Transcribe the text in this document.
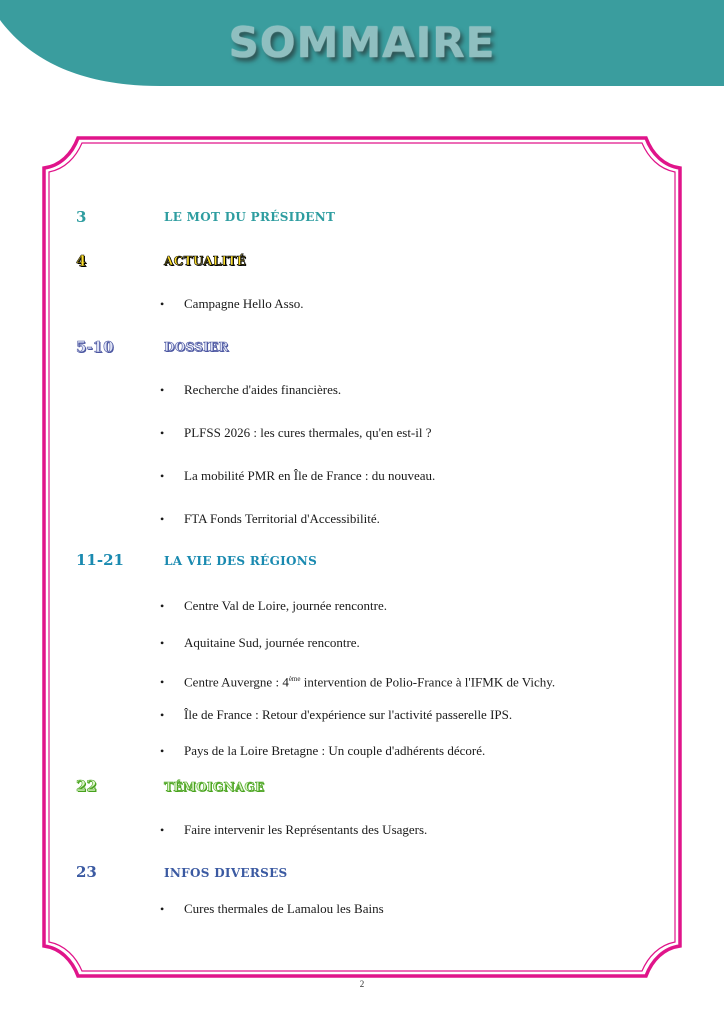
SOMMAIRE
3	LE MOT DU PRÉSIDENT
4	ACTUALITÉ
• Campagne Hello Asso.
5-10	DOSSIER
• Recherche d'aides financières.
• PLFSS 2026 : les cures thermales, qu'en est-il ?
• La mobilité PMR en Île de France : du nouveau.
• FTA Fonds Territorial d'Accessibilité.
11-21	LA VIE DES RÉGIONS
• Centre Val de Loire, journée rencontre.
• Aquitaine Sud, journée rencontre.
• Centre Auvergne : 4ème intervention de Polio-France à l'IFMK de Vichy.
• Île de France : Retour d'expérience sur l'activité passerelle IPS.
• Pays de la Loire Bretagne : Un couple d'adhérents décoré.
22	TÉMOIGNAGE
• Faire intervenir les Représentants des Usagers.
23	INFOS DIVERSES
• Cures thermales de Lamalou les Bains
2
